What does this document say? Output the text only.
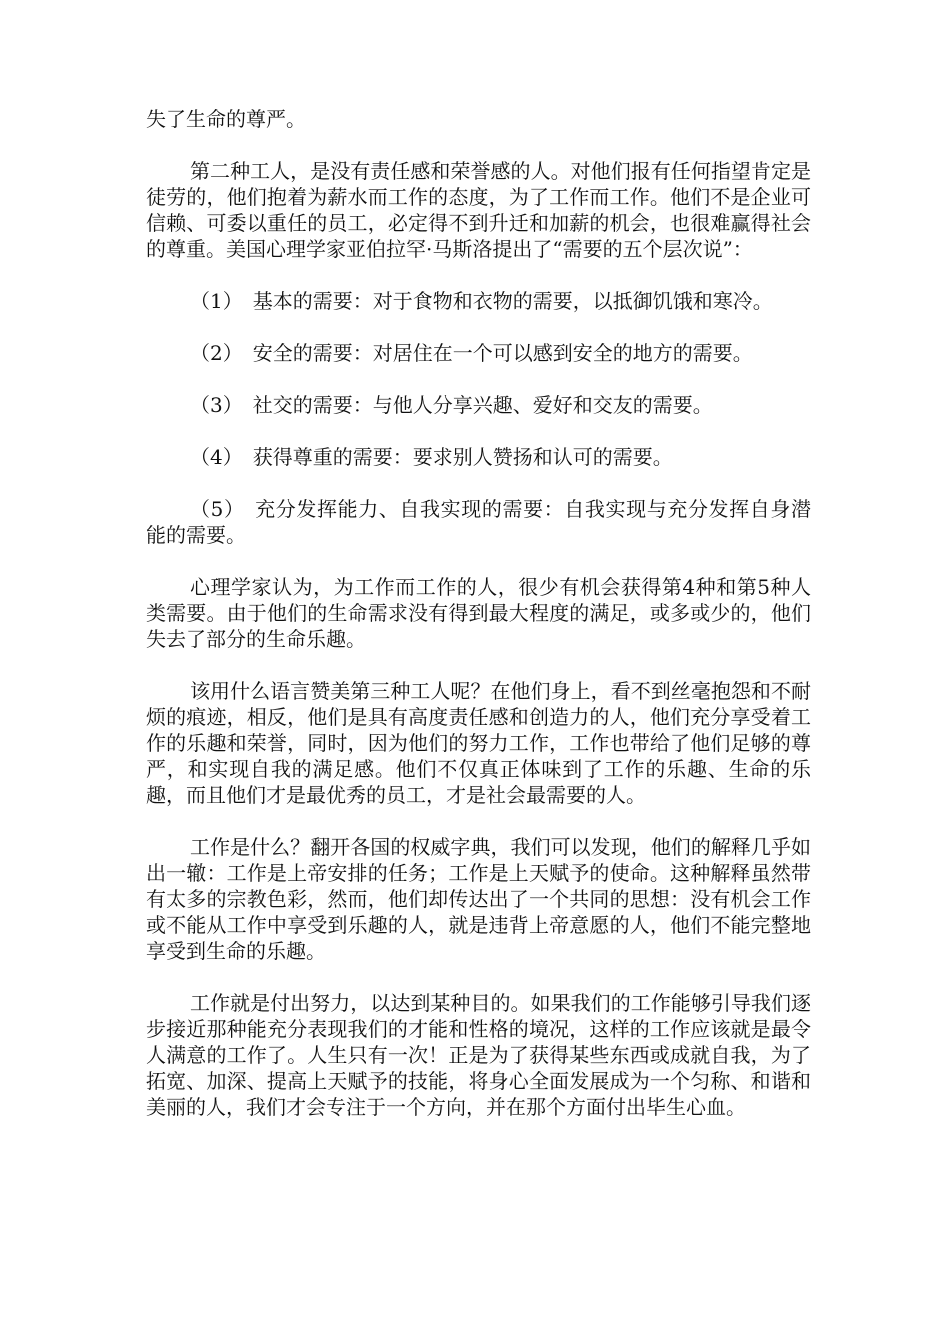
失了生命的尊严。

第二种工人，是没有责任感和荣誉感的人。对他们报有任何指望肯定是徒劳的，他们抱着为薪水而工作的态度，为了工作而工作。他们不是企业可信赖、可委以重任的员工，必定得不到升迁和加薪的机会，也很难赢得社会的尊重。美国心理学家亚伯拉罕·马斯洛提出了“需要的五个层次说”：

（1）　基本的需要：对于食物和衣物的需要，以抵御饥饿和寒冷。

（2）　安全的需要：对居住在一个可以感到安全的地方的需要。

（3）　社交的需要：与他人分享兴趣、爱好和交友的需要。

（4）　获得尊重的需要：要求别人赞扬和认可的需要。

（5）　充分发挥能力、自我实现的需要：自我实现与充分发挥自身潜能的需要。

心理学家认为，为工作而工作的人，很少有机会获得第4种和第5种人类需要。由于他们的生命需求没有得到最大程度的满足，或多或少的，他们失去了部分的生命乐趣。

该用什么语言赞美第三种工人呢？在他们身上，看不到丝毫抱怨和不耐烦的痕迹，相反，他们是具有高度责任感和创造力的人，他们充分享受着工作的乐趣和荣誉，同时，因为他们的努力工作，工作也带给了他们足够的尊严，和实现自我的满足感。他们不仅真正体味到了工作的乐趣、生命的乐趣，而且他们才是最优秀的员工，才是社会最需要的人。

工作是什么？翻开各国的权威字典，我们可以发现，他们的解释几乎如出一辙：工作是上帝安排的任务；工作是上天赋予的使命。这种解释虽然带有太多的宗教色彩，然而，他们却传达出了一个共同的思想：没有机会工作或不能从工作中享受到乐趣的人，就是违背上帝意愿的人，他们不能完整地享受到生命的乐趣。

工作就是付出努力，以达到某种目的。如果我们的工作能够引导我们逐步接近那种能充分表现我们的才能和性格的境况，这样的工作应该就是最令人满意的工作了。人生只有一次！正是为了获得某些东西或成就自我，为了拓宽、加深、提高上天赋予的技能，将身心全面发展成为一个匀称、和谐和美丽的人，我们才会专注于一个方向，并在那个方面付出毕生心血。
